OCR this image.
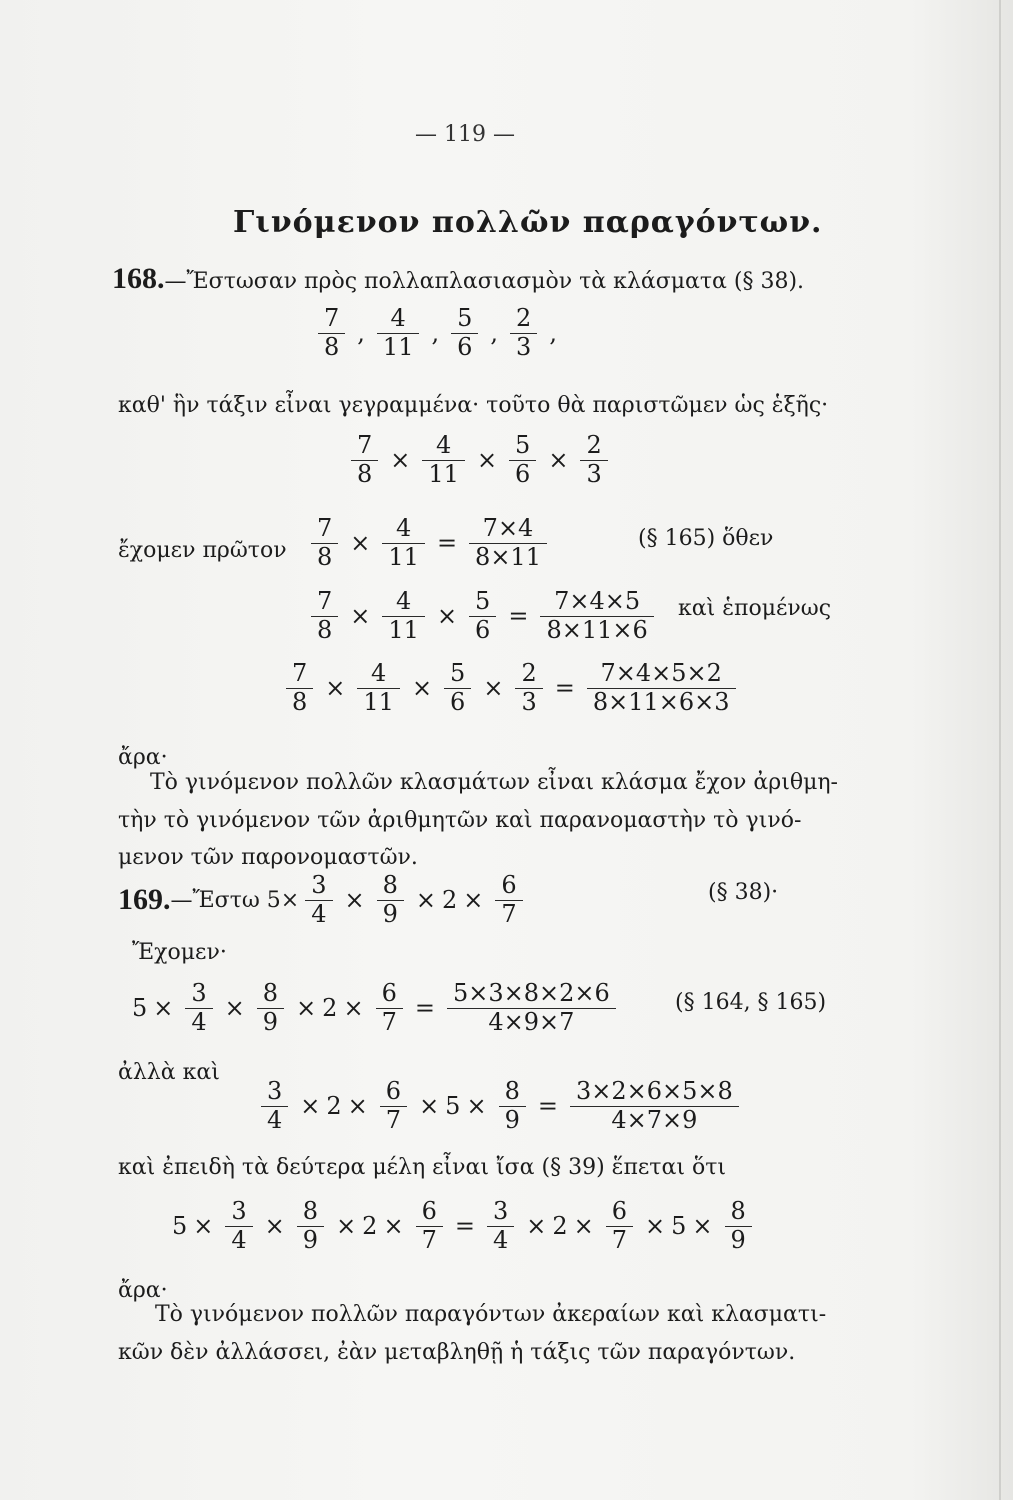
— 119 —
Γινόμενον πολλῶν παραγόντων.
168. —Ἔστωσαν πρὸς πολλαπλασιασμὸν τὰ κλάσματα (§ 38).
$\frac{7}{8}$ , $\frac{4}{11}$ , $\frac{5}{6}$ , $\frac{2}{3}$ ,
καθ' ἣν τάξιν εἶναι γεγραμμένα· τοῦτο θὰ παριστῶμεν ὡς ἑξῆς·
$\frac{7}{8} \times \frac{4}{11} \times \frac{5}{6} \times \frac{2}{3}$
ἔχομεν πρῶτον $\frac{7}{8} \times \frac{4}{11} = \frac{7\times 4}{8\times 11}$	(§ 165) ὅθεν
$\frac{7}{8} \times \frac{4}{11} \times \frac{5}{6} = \frac{7\times 4\times 5}{8\times 11\times 6}$ καὶ ἑπομένως
$\frac{7}{8} \times \frac{4}{11} \times \frac{5}{6} \times \frac{2}{3} = \frac{7\times 4\times 5\times 2}{8\times 11\times 6\times 3}$
ἄρα·
Τὸ γινόμενον πολλῶν κλασμάτων εἶναι κλάσμα ἔχον ἀριθμη-
τὴν τὸ γινόμενον τῶν ἀριθμητῶν καὶ παρανομαστὴν τὸ γινό-
μενον τῶν παρονομαστῶν.
169. —Ἔστω $5\times \frac{3}{4} \times \frac{8}{9} \times 2 \times \frac{6}{7}$	(§ 38)·
Ἔχομεν·
$5 \times \frac{3}{4} \times \frac{8}{9} \times 2 \times \frac{6}{7} = \frac{5\times 3\times 8\times 2\times 6}{4\times 9\times 7}$	(§ 164, § 165)
ἀλλὰ καὶ
$\frac{3}{4} \times 2 \times \frac{6}{7} \times 5 \times \frac{8}{9} = \frac{3\times 2\times 6\times 5\times 8}{4\times 7\times 9}$
καὶ ἐπειδὴ τὰ δεύτερα μέλη εἶναι ἴσα (§ 39) ἕπεται ὅτι
$5 \times \frac{3}{4} \times \frac{8}{9} \times 2 \times \frac{6}{7} = \frac{3}{4} \times 2 \times \frac{6}{7} \times 5 \times \frac{8}{9}$
ἄρα·
Τὸ γινόμενον πολλῶν παραγόντων ἀκεραίων καὶ κλασματι-
κῶν δὲν ἀλλάσσει, ἐὰν μεταβληθῇ ἡ τάξις τῶν παραγόντων.
